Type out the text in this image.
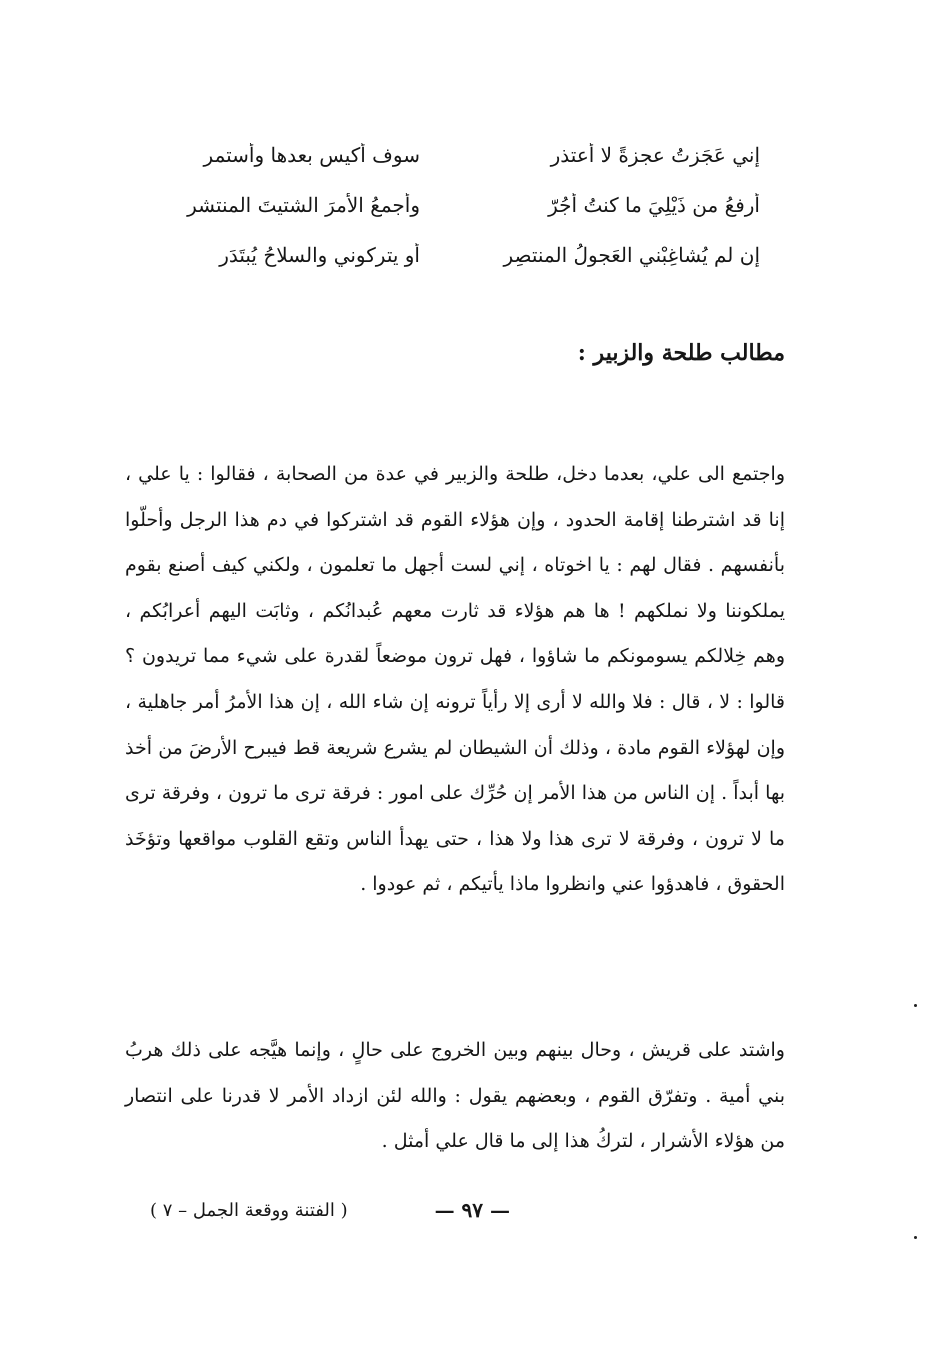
إني عَجَزتُ عجزةً لا أعتذر
سوف أكيس بعدها وأستمر
أرفعُ من ذَيْلِيَ ما كنتُ أجُرّ
وأجمعُ الأمرَ الشتيتَ المنتشر
إن لم يُشاغِبْني العَجولُ المنتصِر
أو يتركوني والسلاحُ يُبتَدَر
مطالب طلحة والزبير :

واجتمع الى علي، بعدما دخل، طلحة والزبير في عدة من الصحابة ، فقالوا : يا علي ، إنا قد اشترطنا إقامة الحدود ، وإن هؤلاء القوم قد اشتركوا في دم هذا الرجل وأحلّوا بأنفسهم . فقال لهم : يا اخوتاه ، إني لست أجهل ما تعلمون ، ولكني كيف أصنع بقوم يملكوننا ولا نملكهم ! ها هم هؤلاء قد ثارت معهم عُبدانُكم ، وثابَت اليهم أعرابُكم ، وهم خِلالكم يسومونكم ما شاؤوا ، فهل ترون موضعاً لقدرة على شيء مما تريدون ؟ قالوا : لا ، قال : فلا والله لا أرى إلا رأياً ترونه إن شاء الله ، إن هذا الأمرُ أمر جاهلية ، وإن لهؤلاء القوم مادة ، وذلك أن الشيطان لم يشرع شريعة قط فيبرح الأرضَ من أخذ بها أبداً . إن الناس من هذا الأمر إن حُرِّك على امور : فرقة ترى ما ترون ، وفرقة ترى ما لا ترون ، وفرقة لا ترى هذا ولا هذا ، حتى يهدأ الناس وتقع القلوب مواقعها وتؤخَذ الحقوق ، فاهدؤوا عني وانظروا ماذا يأتيكم ، ثم عودوا .

واشتد على قريش ، وحال بينهم وبين الخروج على حالٍ ، وإنما هيَّجه على ذلك هربُ بني أمية . وتفرّق القوم ، وبعضهم يقول : والله لئن ازداد الأمر لا قدرنا على انتصار من هؤلاء الأشرار ، لتركُ هذا إلى ما قال علي أمثل .

— ٩٧ —
( الفتنة ووقعة الجمل – ٧ )
